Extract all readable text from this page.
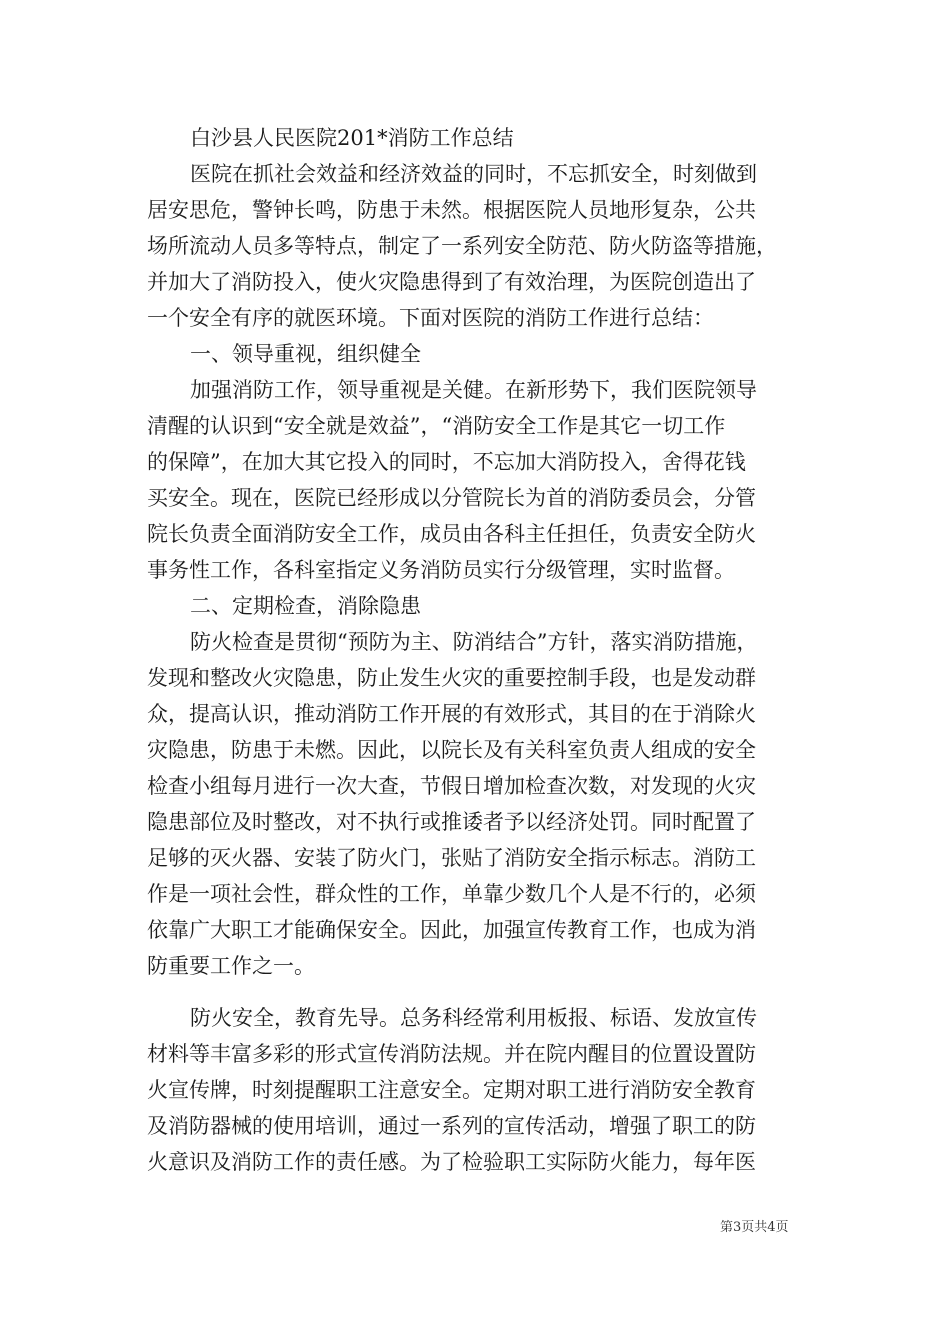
白沙县人民医院201*消防工作总结
医院在抓社会效益和经济效益的同时，不忘抓安全，时刻做到
居安思危，警钟长鸣，防患于未然。根据医院人员地形复杂，公共
场所流动人员多等特点，制定了一系列安全防范、防火防盗等措施，
并加大了消防投入，使火灾隐患得到了有效治理，为医院创造出了
一个安全有序的就医环境。下面对医院的消防工作进行总结：
一、领导重视，组织健全
加强消防工作，领导重视是关健。在新形势下，我们医院领导
清醒的认识到“安全就是效益”，“消防安全工作是其它一切工作
的保障”，在加大其它投入的同时，不忘加大消防投入，舍得花钱
买安全。现在，医院已经形成以分管院长为首的消防委员会，分管
院长负责全面消防安全工作，成员由各科主任担任，负责安全防火
事务性工作，各科室指定义务消防员实行分级管理，实时监督。
二、定期检查，消除隐患
防火检查是贯彻“预防为主、防消结合”方针，落实消防措施，
发现和整改火灾隐患，防止发生火灾的重要控制手段，也是发动群
众，提高认识，推动消防工作开展的有效形式，其目的在于消除火
灾隐患，防患于未燃。因此，以院长及有关科室负责人组成的安全
检查小组每月进行一次大查，节假日增加检查次数，对发现的火灾
隐患部位及时整改，对不执行或推诿者予以经济处罚。同时配置了
足够的灭火器、安装了防火门，张贴了消防安全指示标志。消防工
作是一项社会性，群众性的工作，单靠少数几个人是不行的，必须
依靠广大职工才能确保安全。因此，加强宣传教育工作，也成为消
防重要工作之一。
防火安全，教育先导。总务科经常利用板报、标语、发放宣传
材料等丰富多彩的形式宣传消防法规。并在院内醒目的位置设置防
火宣传牌，时刻提醒职工注意安全。定期对职工进行消防安全教育
及消防器械的使用培训，通过一系列的宣传活动，增强了职工的防
火意识及消防工作的责任感。为了检验职工实际防火能力，每年医
第3页共4页
